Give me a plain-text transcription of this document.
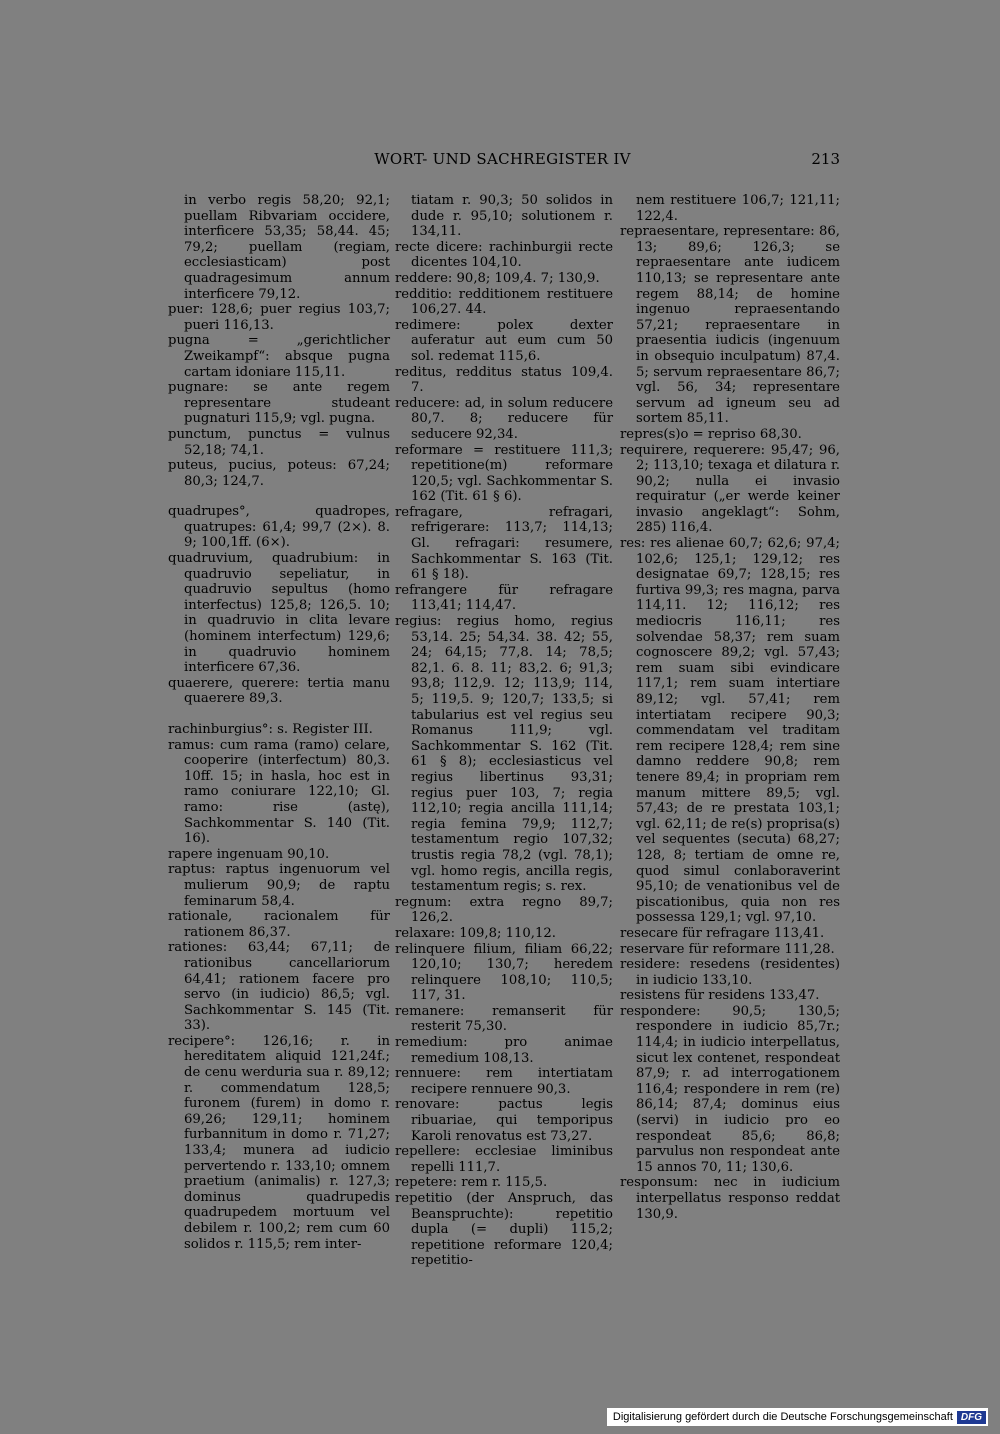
WORT- UND SACHREGISTER IV	213

in verbo regis 58,20; 92,1; puellam Ribvariam occidere, interficere 53,35; 58,44. 45; 79,2; puellam (regiam, ecclesiasticam) post quadragesimum annum interficere 79,12.

puer: 128,6; puer regius 103,7; pueri 116,13.

pugna = „gerichtlicher Zweikampf“: absque pugna cartam idoniare 115,11.

pugnare: se ante regem representare studeant pugnaturi 115,9; vgl. pugna.

punctum, punctus = vulnus 52,18; 74,1.

puteus, pucius, poteus: 67,24; 80,3; 124,7.

quadrupes°, quadropes, quatrupes: 61,4; 99,7 (2×). 8. 9; 100,1ff. (6×).

quadruvium, quadrubium: in quadruvio sepeliatur, in quadruvio sepultus (homo interfectus) 125,8; 126,5. 10; in quadruvio in clita levare (hominem interfectum) 129,6; in quadruvio hominem interficere 67,36.

quaerere, querere: tertia manu quaerere 89,3.

rachinburgius°: s. Register III.

ramus: cum rama (ramo) celare, cooperire (interfectum) 80,3. 10ff. 15; in hasla, hoc est in ramo coniurare 122,10; Gl. ramo: rise (astę), Sachkommentar S. 140 (Tit. 16).

rapere ingenuam 90,10.

raptus: raptus ingenuorum vel mulierum 90,9; de raptu feminarum 58,4.

rationale, racionalem für rationem 86,37.

rationes: 63,44; 67,11; de rationibus cancellariorum 64,41; rationem facere pro servo (in iudicio) 86,5; vgl. Sachkommentar S. 145 (Tit. 33).

recipere°: 126,16; r. in hereditatem aliquid 121,24f.; de cenu werduria sua r. 89,12; r. commendatum 128,5; furonem (furem) in domo r. 69,26; 129,11; hominem furbannitum in domo r. 71,27; 133,4; munera ad iudicio pervertendo r. 133,10; omnem praetium (animalis) r. 127,3; dominus quadrupedis quadrupedem mortuum vel debilem r. 100,2; rem cum 60 solidos r. 115,5; rem inter-

tiatam r. 90,3; 50 solidos in dude r. 95,10; solutionem r. 134,11.

recte dicere: rachinburgii recte dicentes 104,10.

reddere: 90,8; 109,4. 7; 130,9.

redditio: redditionem restituere 106,27. 44.

redimere: polex dexter auferatur aut eum cum 50 sol. redemat 115,6.

reditus, redditus status 109,4. 7.

reducere: ad, in solum reducere 80,7. 8; reducere für seducere 92,34.

reformare = restituere 111,3; repetitione(m) reformare 120,5; vgl. Sachkommentar S. 162 (Tit. 61 § 6).

refragare, refragari, refrigerare: 113,7; 114,13; Gl. refragari: resumere, Sachkommentar S. 163 (Tit. 61 § 18).

refrangere für refragare 113,41; 114,47.

regius: regius homo, regius 53,14. 25; 54,34. 38. 42; 55, 24; 64,15; 77,8. 14; 78,5; 82,1. 6. 8. 11; 83,2. 6; 91,3; 93,8; 112,9. 12; 113,9; 114, 5; 119,5. 9; 120,7; 133,5; si tabularius est vel regius seu Romanus 111,9; vgl. Sachkommentar S. 162 (Tit. 61 § 8); ecclesiasticus vel regius libertinus 93,31; regius puer 103, 7; regia 112,10; regia ancilla 111,14; regia femina 79,9; 112,7; testamentum regio 107,32; trustis regia 78,2 (vgl. 78,1); vgl. homo regis, ancilla regis, testamentum regis; s. rex.

regnum: extra regno 89,7; 126,2.

relaxare: 109,8; 110,12.

relinquere filium, filiam 66,22; 120,10; 130,7; heredem relinquere 108,10; 110,5; 117, 31.

remanere: remanserit für resterit 75,30.

remedium: pro animae remedium 108,13.

rennuere: rem intertiatam recipere rennuere 90,3.

renovare: pactus legis ribuariae, qui temporipus Karoli renovatus est 73,27.

repellere: ecclesiae liminibus repelli 111,7.

repetere: rem r. 115,5.

repetitio (der Anspruch, das Beanspruchte): repetitio dupla (= dupli) 115,2; repetitione reformare 120,4; repetitio-

nem restituere 106,7; 121,11; 122,4.

repraesentare, representare: 86, 13; 89,6; 126,3; se repraesentare ante iudicem 110,13; se representare ante regem 88,14; de homine ingenuo repraesentando 57,21; repraesentare in praesentia iudicis (ingenuum in obsequio inculpatum) 87,4. 5; servum repraesentare 86,7; vgl. 56, 34; representare servum ad igneum seu ad sortem 85,11.

repres(s)o = repriso 68,30.

requirere, requerere: 95,47; 96, 2; 113,10; texaga et dilatura r. 90,2; nulla ei invasio requiratur („er werde keiner invasio angeklagt“: Sohm, 285) 116,4.

res: res alienae 60,7; 62,6; 97,4; 102,6; 125,1; 129,12; res designatae 69,7; 128,15; res furtiva 99,3; res magna, parva 114,11. 12; 116,12; res mediocris 116,11; res solvendae 58,37; rem suam cognoscere 89,2; vgl. 57,43; rem suam sibi evindicare 117,1; rem suam intertiare 89,12; vgl. 57,41; rem intertiatam recipere 90,3; commendatam vel traditam rem recipere 128,4; rem sine damno reddere 90,8; rem tenere 89,4; in propriam rem manum mittere 89,5; vgl. 57,43; de re prestata 103,1; vgl. 62,11; de re(s) proprisa(s) vel sequentes (secuta) 68,27; 128, 8; tertiam de omne re, quod simul conlaboraverint 95,10; de venationibus vel de piscationibus, quia non res possessa 129,1; vgl. 97,10.

resecare für refragare 113,41.

reservare für reformare 111,28.

residere: resedens (residentes) in iudicio 133,10.

resistens für residens 133,47.

respondere: 90,5; 130,5; respondere in iudicio 85,7r.; 114,4; in iudicio interpellatus, sicut lex contenet, respondeat 87,9; r. ad interrogationem 116,4; respondere in rem (re) 86,14; 87,4; dominus eius (servi) in iudicio pro eo respondeat 85,6; 86,8; parvulus non respondeat ante 15 annos 70, 11; 130,6.

responsum: nec in iudicium interpellatus responso reddat 130,9.

Digitalisierung gefördert durch die Deutsche Forschungsgemeinschaft DFG
